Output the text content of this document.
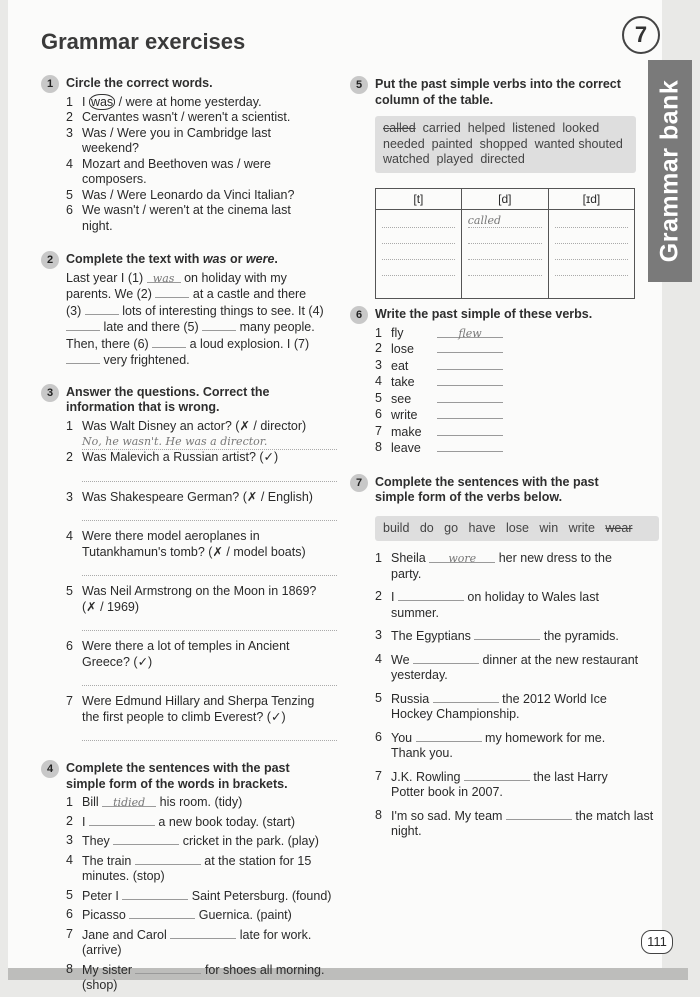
Grammar exercises	7
Grammar bank
1	Circle the correct words.
1 I was / were at home yesterday.
2 Cervantes wasn't / weren't a scientist.
3 Was / Were you in Cambridge last weekend?
4 Mozart and Beethoven was / were composers.
5 Was / Were Leonardo da Vinci Italian?
6 We wasn't / weren't at the cinema last night.
2	Complete the text with was or were.
Last year I (1) was on holiday with my parents. We (2)	at a castle and there (3)	lots of interesting things to see. It (4)  late and there (5)	many people. Then, there (6)	a loud explosion. I (7)  very frightened.
3	Answer the questions. Correct the information that is wrong.
1 Was Walt Disney an actor? (✗ / director)
No, he wasn't. He was a director.
2 Was Malevich a Russian artist? (✓)
3 Was Shakespeare German? (✗ / English)
4 Were there model aeroplanes in Tutankhamun's tomb? (✗ / model boats)
5 Was Neil Armstrong on the Moon in 1869? (✗ / 1969)
6 Were there a lot of temples in Ancient Greece? (✓)
7 Were Edmund Hillary and Sherpa Tenzing the first people to climb Everest? (✓)
4	Complete the sentences with the past simple form of the words in brackets.
1 Bill tidied his room. (tidy)
2 I	a new book today. (start)
3 They	cricket in the park. (play)
4 The train	at the station for 15 minutes. (stop)
5 Peter I	Saint Petersburg. (found)
6 Picasso	Guernica. (paint)
7 Jane and Carol	late for work. (arrive)
8 My sister	for shoes all morning. (shop)
5	Put the past simple verbs into the correct column of the table.
called carried helped listened looked needed painted shopped wanted shouted  watched played directed
[t]	[d]	[ɪd]

	called	

6	Write the past simple of these verbs.
1 fly	flew
2 lose
3 eat
4 take
5 see
6 write
7 make
8 leave
7	Complete the sentences with the past simple form of the verbs below.
build do go have lose win write wear
1 Sheila wore her new dress to the party.
2 I	on holiday to Wales last summer.
3 The Egyptians	the pyramids.
4 We	dinner at the new restaurant yesterday.
5 Russia	the 2012 World Ice Hockey Championship.
6 You	my homework for me. Thank you.
7 J.K. Rowling	the last Harry Potter book in 2007.
8 I'm so sad. My team	the match last night.
111
